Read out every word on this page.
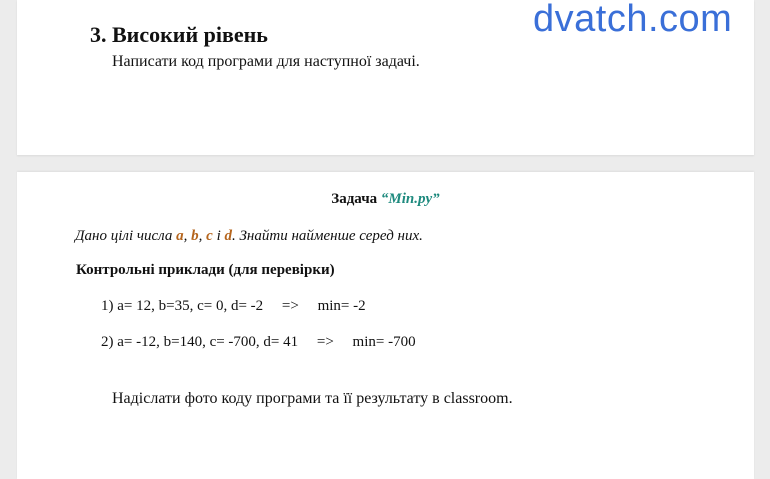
3. Високий рівень
Написати код програми для наступної задачі.
dvatch.com
Задача “Min.py”
Дано цілі числа a, b, c і d. Знайти найменше серед них.
Контрольні приклади (для перевірки)
1) a= 12, b=35, c= 0, d= -2     =>     min= -2
2) a= -12, b=140, c= -700, d= 41     =>     min= -700
Надіслати фото коду програми та її результату в classroom.
